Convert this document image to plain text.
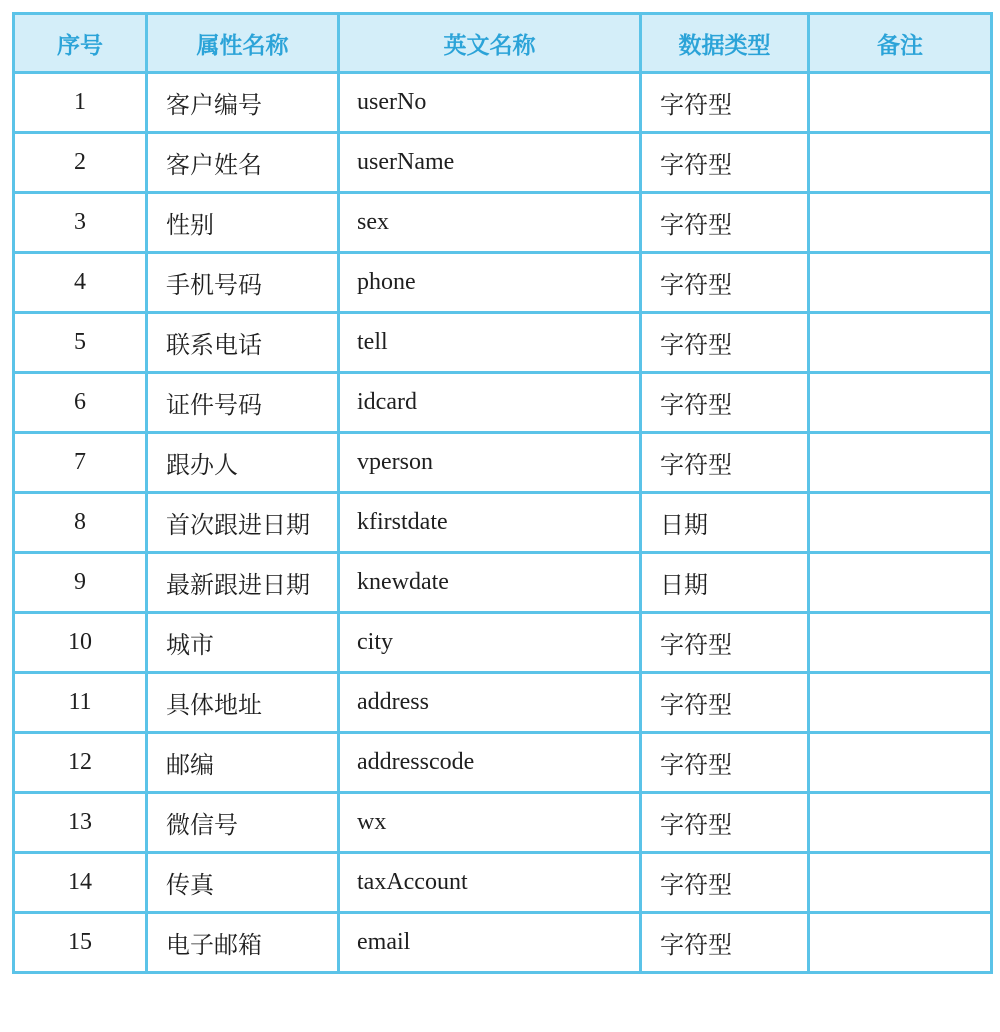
序号	属性名称	英文名称	数据类型	备注
1	客户编号	userNo	字符型	
2	客户姓名	userName	字符型	
3	性别	sex	字符型	
4	手机号码	phone	字符型	
5	联系电话	tell	字符型	
6	证件号码	idcard	字符型	
7	跟办人	vperson	字符型	
8	首次跟进日期	kfirstdate	日期	
9	最新跟进日期	knewdate	日期	
10	城市	city	字符型	
11	具体地址	address	字符型	
12	邮编	addresscode	字符型	
13	微信号	wx	字符型	
14	传真	taxAccount	字符型	
15	电子邮箱	email	字符型	
